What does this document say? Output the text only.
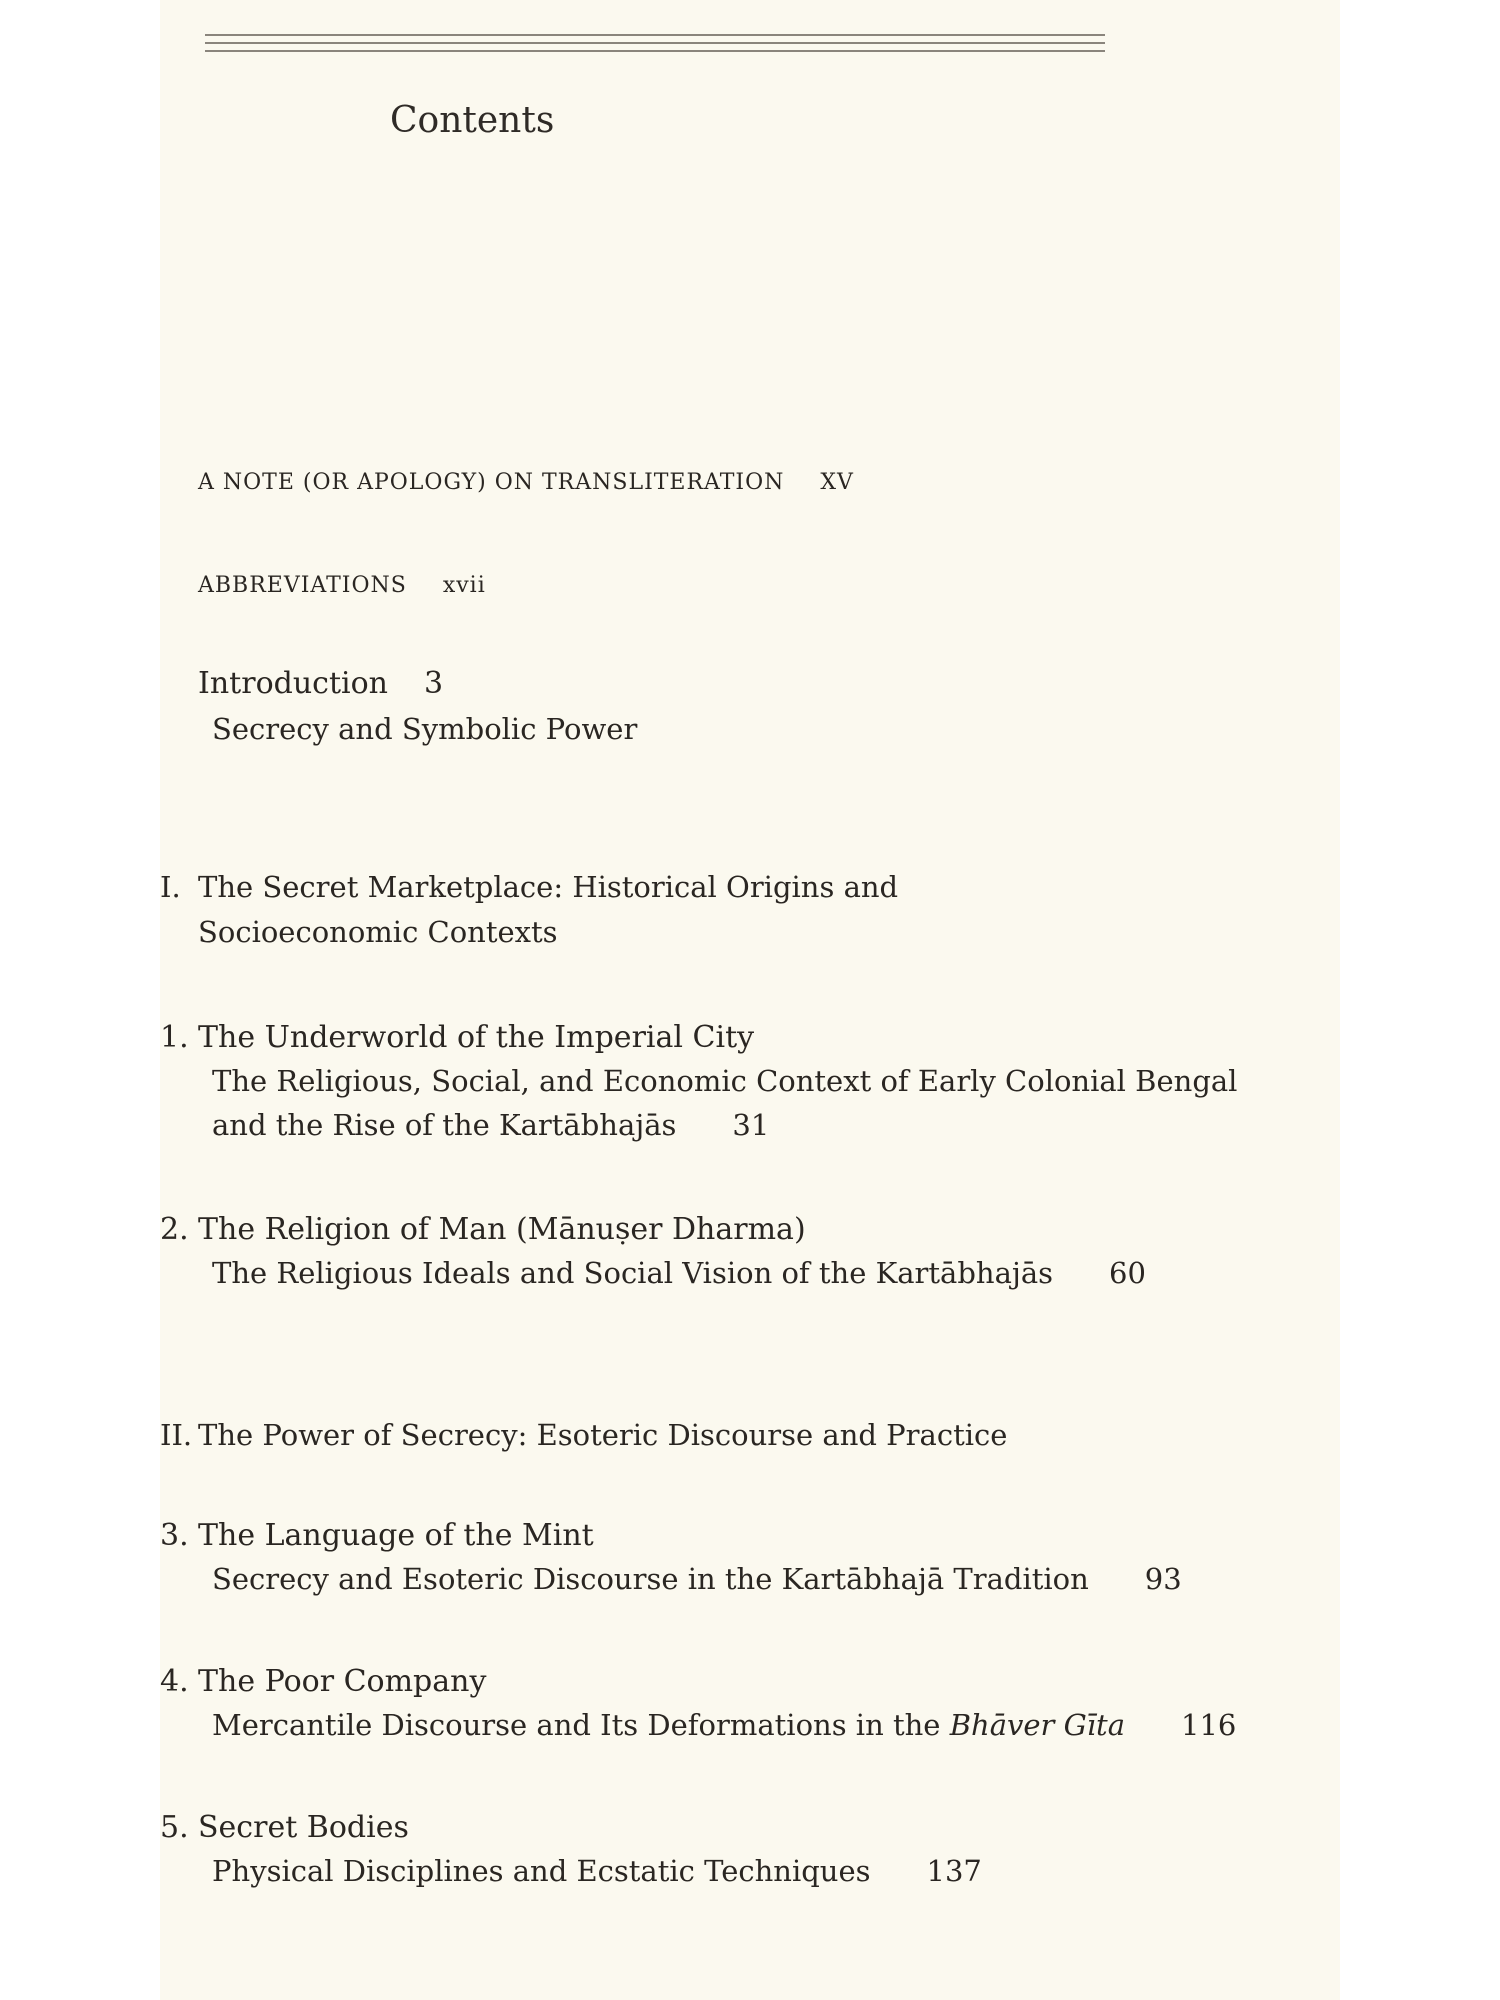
Contents
A NOTE (OR APOLOGY) ON TRANSLITERATION XV
ABBREVIATIONS xvii
Introduction 3
Secrecy and Symbolic Power
I. The Secret Marketplace: Historical Origins and
Socioeconomic Contexts
1. The Underworld of the Imperial City
The Religious, Social, and Economic Context of Early Colonial Bengal
and the Rise of the Kartābhajās 31
2. The Religion of Man (Mānuṣer Dharma)
The Religious Ideals and Social Vision of the Kartābhajās 60
II. The Power of Secrecy: Esoteric Discourse and Practice
3. The Language of the Mint
Secrecy and Esoteric Discourse in the Kartābhajā Tradition 93
4. The Poor Company
Mercantile Discourse and Its Deformations in the Bhāver Gīta 116
5. Secret Bodies
Physical Disciplines and Ecstatic Techniques 137
